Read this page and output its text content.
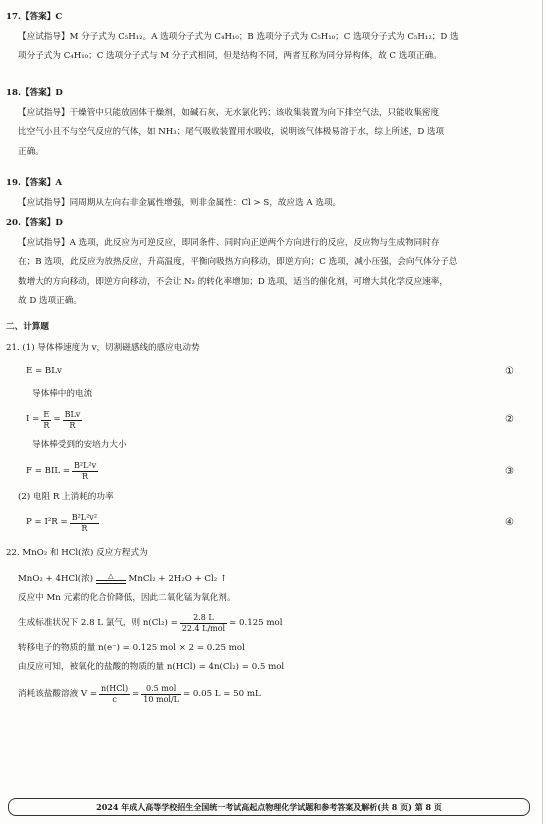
17.【答案】C
【应试指导】M 分子式为 C₅H₁₂。A 选项分子式为 C₄H₁₀；B 选项分子式为 C₅H₁₀；C 选项分子式为 C₅H₁₂；D 选
项分子式为 C₄H₁₀；C 选项分子式与 M 分子式相同，但是结构不同，两者互称为同分异构体，故 C 选项正确。
18.【答案】D
【应试指导】干燥管中只能放固体干燥剂，如碱石灰、无水氯化钙；该收集装置为向下排空气法，只能收集密度
比空气小且不与空气反应的气体，如 NH₃；尾气吸收装置用水吸收，说明该气体极易溶于水，综上所述，D 选项
正确。
19.【答案】A
【应试指导】同周期从左向右非金属性增强，则非金属性：Cl > S，故应选 A 选项。
20.【答案】D
【应试指导】A 选项，此反应为可逆反应，即同条件、同时向正逆两个方向进行的反应，反应物与生成物同时存
在；B 选项，此反应为放热反应，升高温度，平衡向吸热方向移动，即逆方向；C 选项，减小压强，会向气体分子总
数增大的方向移动，即逆方向移动，不会让 N₂ 的转化率增加；D 选项，适当的催化剂，可增大其化学反应速率，
故 D 选项正确。
二、计算题
21. (1) 导体棒速度为 v，切割磁感线的感应电动势
E = BLv	①
导体棒中的电流
$I = \frac{E}{R} = \frac{\text{BLv}}{R}$	②
导体棒受到的安培力大小
F = BIL = $\frac{\text{B²L²v}}{R}$	③
(2) 电阻 R 上消耗的功率
$P = I^2R = \frac{\text{B²L²v²}}{R}$	④
22. MnO₂ 和 HCl(浓) 反应方程式为
MnO₂ + 4HCl(浓)	△	MnCl₂ + 2H₂O + Cl₂ ↑
反应中 Mn 元素的化合价降低，因此二氧化锰为氧化剂。
生成标准状况下 2.8 L 氯气，则 $n(Cl_2) = \frac{2.8 L}{\text{22.4 L/mol}} = 0.125$ mol
转移电子的物质的量 n(e⁻) = 0.125 mol × 2 = 0.25 mol
由反应可知，被氧化的盐酸的物质的量 n(HCl) = 4n(Cl₂) = 0.5 mol
消耗该盐酸溶液 $V = \frac{\text{n(HCl)}}{c} = \frac{\text{0.5 mol}}{\text{10 mol/L}} = 0.05$ L = 50 mL
2024 年成人高等学校招生全国统一考试高起点物理化学试题和参考答案及解析(共 8 页) 第 8 页
